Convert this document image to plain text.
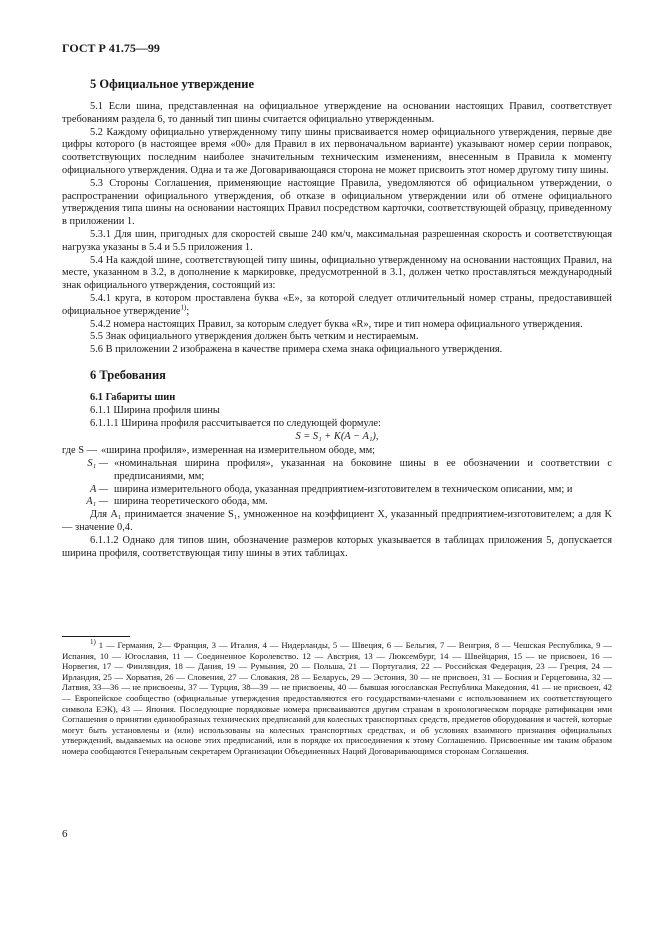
ГОСТ Р 41.75—99
5 Официальное утверждение

5.1 Если шина, представленная на официальное утверждение на основании настоящих Правил, соответствует требованиям раздела 6, то данный тип шины считается официально утвержденным.

5.2 Каждому официально утвержденному типу шины присваивается номер официального утверждения, первые две цифры которого (в настоящее время «00» для Правил в их первоначальном варианте) указывают номер серии поправок, соответствующих последним наиболее значительным техническим изменениям, внесенным в Правила к моменту официального утверждения. Одна и та же Договаривающаяся сторона не может присвоить этот номер другому типу шины.

5.3 Стороны Соглашения, применяющие настоящие Правила, уведомляются об официальном утверждении, о распространении официального утверждения, об отказе в официальном утверждении или об отмене официального утверждения типа шины на основании настоящих Правил посредством карточки, соответствующей образцу, приведенному в приложении 1.

5.3.1 Для шин, пригодных для скоростей свыше 240 км/ч, максимальная разрешенная скорость и соответствующая нагрузка указаны в 5.4 и 5.5 приложения 1.

5.4 На каждой шине, соответствующей типу шины, официально утвержденному на основании настоящих Правил, на месте, указанном в 3.2, в дополнение к маркировке, предусмотренной в 3.1, должен четко проставляться международный знак официального утверждения, состоящий из:

5.4.1 круга, в котором проставлена буква «Е», за которой следует отличительный номер страны, предоставившей официальное утверждение$^{1)}$;

5.4.2 номера настоящих Правил, за которым следует буква «R», тире и тип номера официального утверждения.

5.5 Знак официального утверждения должен быть четким и нестираемым.

5.6 В приложении 2 изображена в качестве примера схема знака официального утверждения.

6 Требования

6.1 Габариты шин

6.1.1 Ширина профиля шины

6.1.1.1 Ширина профиля рассчитывается по следующей формуле:

S = S₁ + K(A − A₁),
где S — «ширина профиля», измеренная на измерительном ободе, мм;
S₁ — «номинальная ширина профиля», указанная на боковине шины в ее обозначении и соответствии с предписаниями, мм;
A — ширина измерительного обода, указанная предприятием-изготовителем в техническом описании, мм; и
A₁ — ширина теоретического обода, мм.

Для A₁ принимается значение S₁, умноженное на коэффициент X, указанный предприятием-изготовителем; а для K — значение 0,4.

6.1.1.2 Однако для типов шин, обозначение размеров которых указывается в таблицах приложения 5, допускается ширина профиля, соответствующая типу шины в этих таблицах.

$^{1)}$ 1 — Германия, 2— Франция, 3 — Италия, 4 — Нидерланды, 5 — Швеция, 6 — Бельгия, 7 — Венгрия, 8 — Чешская Республика, 9 — Испания, 10 — Югославия, 11 — Соединенное Королевство. 12 — Австрия, 13 — Люксембург, 14 — Швейцария, 15 — не присвоен, 16 — Норвегия, 17 — Финляндия, 18 — Дания, 19 — Румыния, 20 — Польша, 21 — Португалия, 22 — Российская Федерация, 23 — Греция, 24 — Ирландия, 25 — Хорватия, 26 — Словения, 27 — Словакия, 28 — Беларусь, 29 — Эстония, 30 — не присвоен, 31 — Босния и Герцеговина, 32 — Латвия, 33—36 — не присвоены, 37 — Турция, 38—39 — не присвоены, 40 — бывшая югославская Республика Македония, 41 — не присвоен, 42 — Европейское сообщество (официальные утверждения предоставляются его государствами-членами с использованием их соответствующего символа ЕЭК), 43 — Япония. Последующие порядковые номера присваиваются другим странам в хронологическом порядке ратификации ими Соглашения о принятии единообразных технических предписаний для колесных транспортных средств, предметов оборудования и частей, которые могут быть установлены и (или) использованы на колесных транспортных средствах, и об условиях взаимного признания официальных утверждений, выдаваемых на основе этих предписаний, или в порядке их присоединения к этому Соглашению. Присвоенные им таким образом номера сообщаются Генеральным секретарем Организации Объединенных Наций Договаривающимся сторонам Соглашения.

6
